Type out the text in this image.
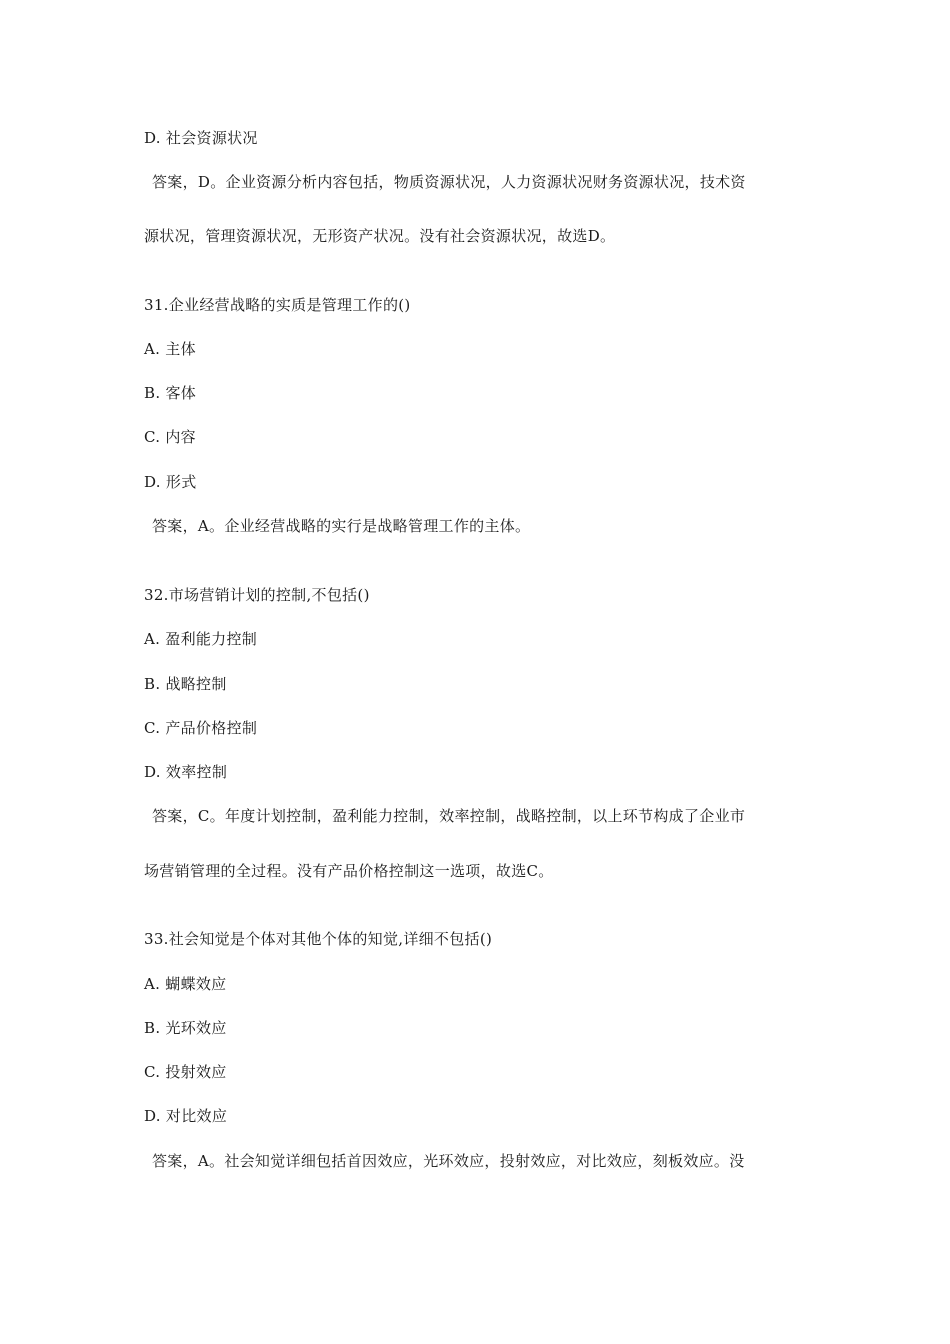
D. 社会资源状况
答案，D。企业资源分析内容包括，物质资源状况，人力资源状况财务资源状况，技术资
源状况，管理资源状况，无形资产状况。没有社会资源状况，故选D。
31.企业经营战略的实质是管理工作的()
A. 主体
B. 客体
C. 内容
D. 形式
答案，A。企业经营战略的实行是战略管理工作的主体。
32.市场营销计划的控制,不包括()
A. 盈利能力控制
B. 战略控制
C. 产品价格控制
D. 效率控制
答案，C。年度计划控制，盈利能力控制，效率控制，战略控制，以上环节构成了企业市
场营销管理的全过程。没有产品价格控制这一选项，故选C。
33.社会知觉是个体对其他个体的知觉,详细不包括()
A. 蝴蝶效应
B. 光环效应
C. 投射效应
D. 对比效应
答案，A。社会知觉详细包括首因效应，光环效应，投射效应，对比效应，刻板效应。没
